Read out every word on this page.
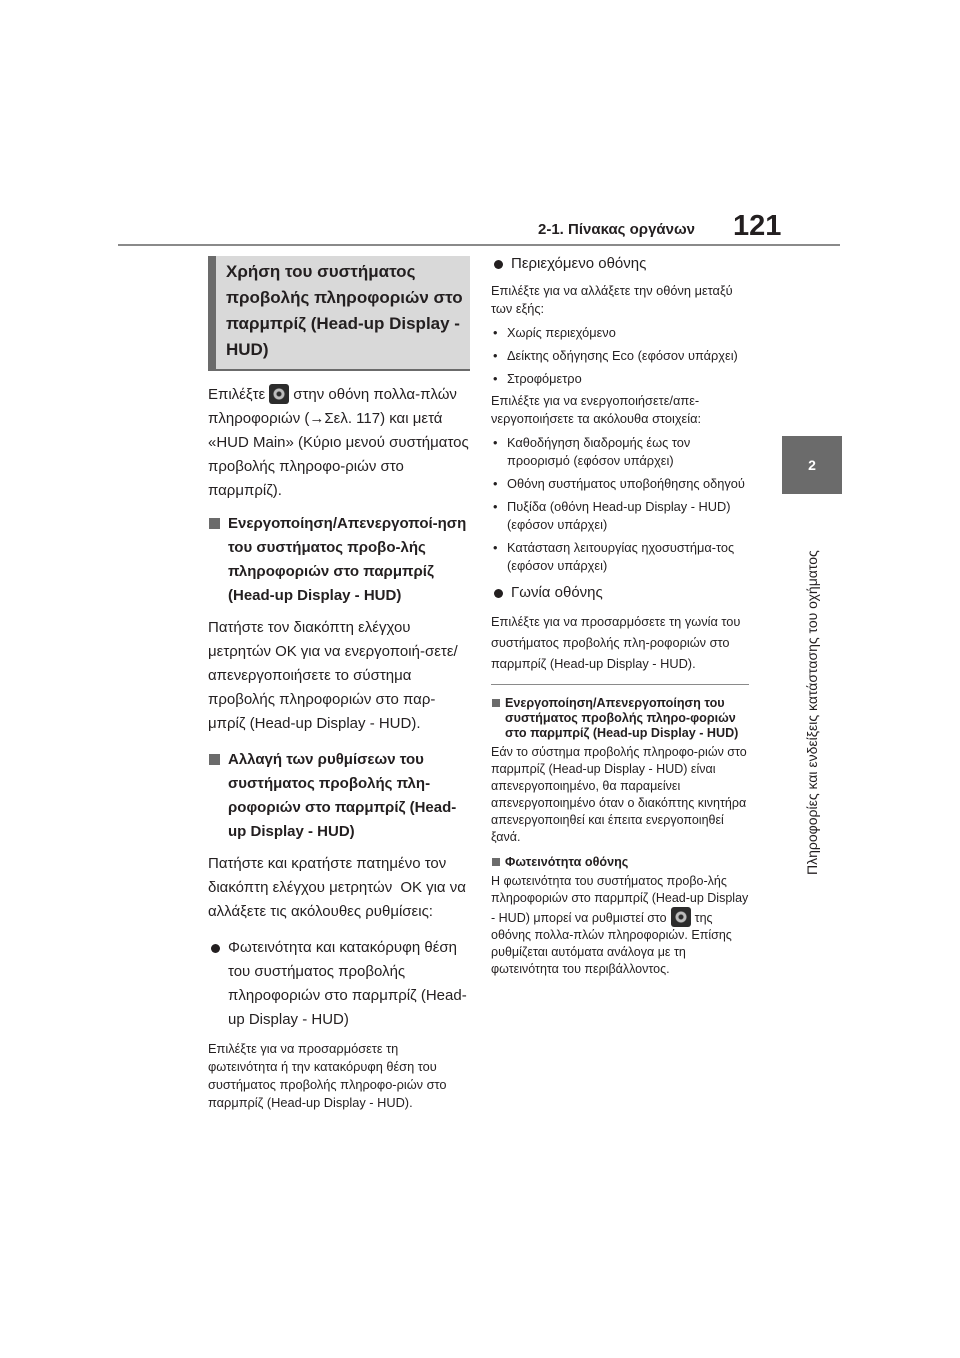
2-1. Πίνακας οργάνων 121
2
Πληροφορίες και ενδείξεις κατάστασης του οχήματος
Χρήση του συστήματος προβολής πληροφοριών στο παρμπρίζ (Head-up Display - HUD)

Επιλέξτε στην οθόνη πολλα-πλών πληροφοριών (→Σελ. 117) και μετά «HUD Main» (Κύριο μενού συστήματος προβολής πληροφο-ριών στο παρμπρίζ).

Ενεργοποίηση/Απενεργοποί-ηση του συστήματος προβο-λής πληροφοριών στο παρμπρίζ (Head-up Display - HUD)

Πατήστε τον διακόπτη ελέγχου μετρητών OK για να ενεργοποιή-σετε/απενεργοποιήσετε το σύστημα προβολής πληροφοριών στο παρ-μπρίζ (Head-up Display - HUD).

Αλλαγή των ρυθμίσεων του συστήματος προβολής πλη-ροφοριών στο παρμπρίζ (Head-up Display - HUD)

Πατήστε και κρατήστε πατημένο τον διακόπτη ελέγχου μετρητών OK για να αλλάξετε τις ακόλουθες ρυθμίσεις:

Φωτεινότητα και κατακόρυφη θέση του συστήματος προβολής πληροφοριών στο παρμπρίζ (Head-up Display - HUD)

Επιλέξτε για να προσαρμόσετε τη φωτεινότητα ή την κατακόρυφη θέση του συστήματος προβολής πληροφο-ριών στο παρμπρίζ (Head-up Display - HUD).

Περιεχόμενο οθόνης

Επιλέξτε για να αλλάξετε την οθόνη μεταξύ των εξής:

• Χωρίς περιεχόμενο

• Δείκτης οδήγησης Eco (εφόσον υπάρχει)

• Στροφόμετρο

Επιλέξτε για να ενεργοποιήσετε/απε-νεργοποιήσετε τα ακόλουθα στοιχεία:

• Καθοδήγηση διαδρομής έως τον προορισμό (εφόσον υπάρχει)

• Οθόνη συστήματος υποβοήθησης οδηγού

• Πυξίδα (οθόνη Head-up Display - HUD) (εφόσον υπάρχει)

• Κατάσταση λειτουργίας ηχοσυστήμα-τος (εφόσον υπάρχει)

Γωνία οθόνης

Επιλέξτε για να προσαρμόσετε τη γωνία του συστήματος προβολής πλη-ροφοριών στο παρμπρίζ (Head-up Display - HUD).

Ενεργοποίηση/Απενεργοποίηση του συστήματος προβολής πληρο-φοριών στο παρμπρίζ (Head-up Display - HUD)

Εάν το σύστημα προβολής πληροφο-ριών στο παρμπρίζ (Head-up Display - HUD) είναι απενεργοποιημένο, θα παραμείνει απενεργοποιημένο όταν ο διακόπτης κινητήρα απενεργοποιηθεί και έπειτα ενεργοποιηθεί ξανά.

Φωτεινότητα οθόνης

Η φωτεινότητα του συστήματος προβο-λής πληροφοριών στο παρμπρίζ (Head-up Display - HUD) μπορεί να ρυθμιστεί στο της οθόνης πολλα-πλών πληροφοριών. Επίσης ρυθμίζεται αυτόματα ανάλογα με τη φωτεινότητα του περιβάλλοντος.
